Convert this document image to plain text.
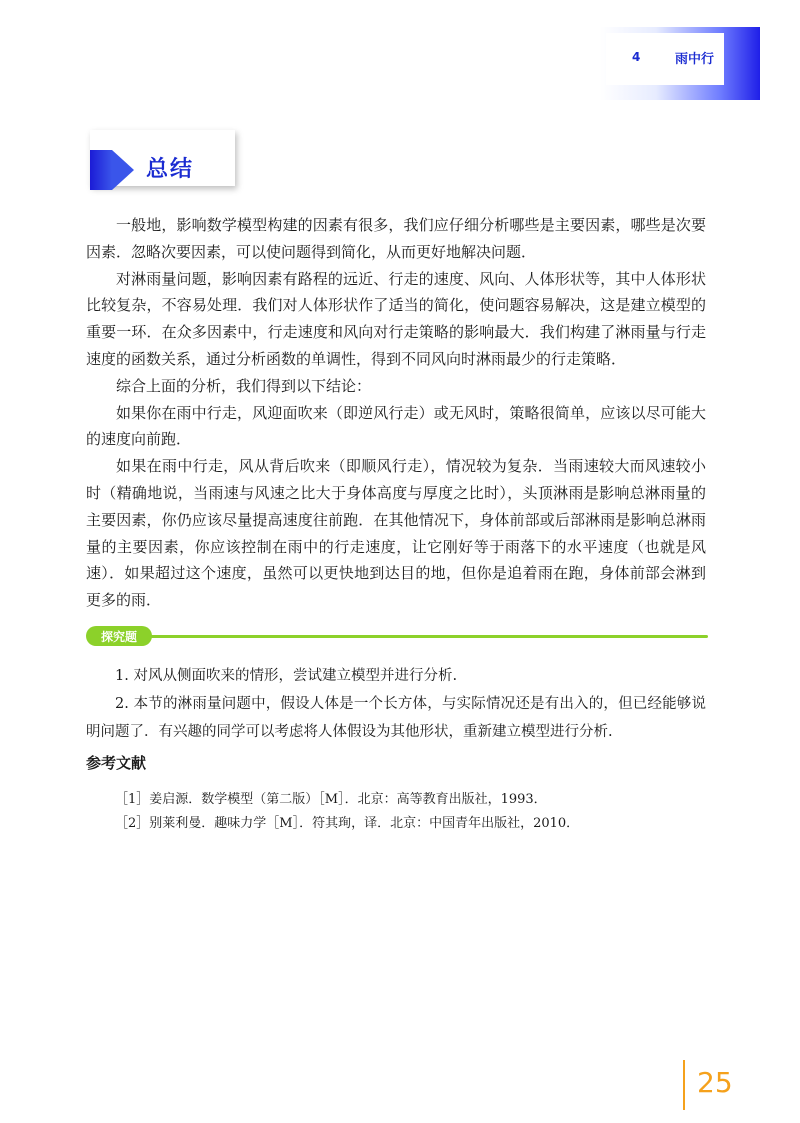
4	雨中行
总结

一般地，影响数学模型构建的因素有很多，我们应仔细分析哪些是主要因素，哪些是次要因素．忽略次要因素，可以使问题得到简化，从而更好地解决问题．

对淋雨量问题，影响因素有路程的远近、行走的速度、风向、人体形状等，其中人体形状比较复杂，不容易处理．我们对人体形状作了适当的简化，使问题容易解决，这是建立模型的重要一环．在众多因素中，行走速度和风向对行走策略的影响最大．我们构建了淋雨量与行走速度的函数关系，通过分析函数的单调性，得到不同风向时淋雨最少的行走策略．

综合上面的分析，我们得到以下结论：

如果你在雨中行走，风迎面吹来（即逆风行走）或无风时，策略很简单，应该以尽可能大的速度向前跑．

如果在雨中行走，风从背后吹来（即顺风行走），情况较为复杂．当雨速较大而风速较小时（精确地说，当雨速与风速之比大于身体高度与厚度之比时），头顶淋雨是影响总淋雨量的主要因素，你仍应该尽量提高速度往前跑．在其他情况下，身体前部或后部淋雨是影响总淋雨量的主要因素，你应该控制在雨中的行走速度，让它刚好等于雨落下的水平速度（也就是风速）．如果超过这个速度，虽然可以更快地到达目的地，但你是追着雨在跑，身体前部会淋到更多的雨．

探究题

1. 对风从侧面吹来的情形，尝试建立模型并进行分析.

2. 本节的淋雨量问题中，假设人体是一个长方体，与实际情况还是有出入的，但已经能够说明问题了．有兴趣的同学可以考虑将人体假设为其他形状，重新建立模型进行分析.

参考文献
［1］姜启源．数学模型（第二版）［M］．北京：高等教育出版社，1993．
［2］别莱利曼．趣味力学［M］．符其珣，译．北京：中国青年出版社，2010．
25
